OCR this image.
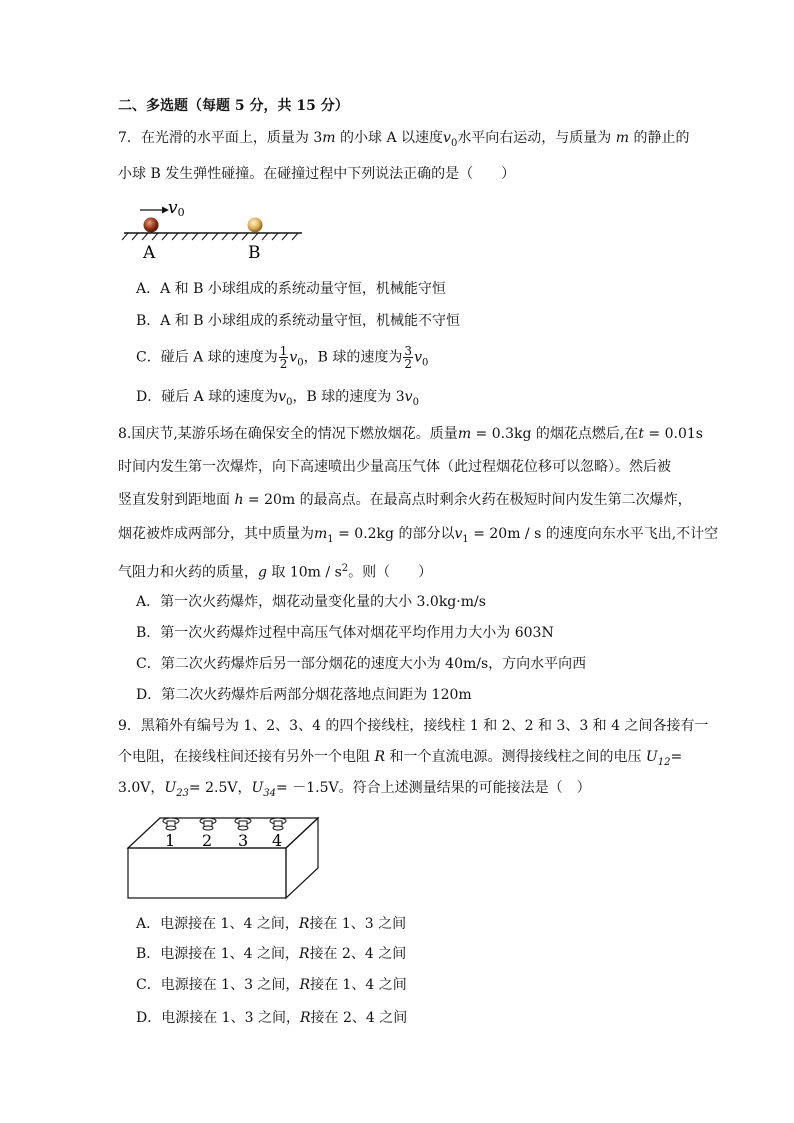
二、多选题（每题 5 分，共 15 分）
7．在光滑的水平面上，质量为 3m 的小球 A 以速度$v_0$水平向右运动，与质量为 m 的静止的
小球 B 发生弹性碰撞。在碰撞过程中下列说法正确的是（　　）
v0
A	B
A．A 和 B 小球组成的系统动量守恒，机械能守恒
B．A 和 B 小球组成的系统动量守恒，机械能不守恒
C．碰后 A 球的速度为 $\frac{1}{2} v_0$，B 球的速度为 $\frac{3}{2} v_0$
D．碰后 A 球的速度为$v_0$，B 球的速度为 $3v_0$
8.国庆节,某游乐场在确保安全的情况下燃放烟花。质量m = 0.3kg 的烟花点燃后,在t = 0.01s
时间内发生第一次爆炸，向下高速喷出少量高压气体（此过程烟花位移可以忽略）。然后被
竖直发射到距地面 h = 20m 的最高点。在最高点时剩余火药在极短时间内发生第二次爆炸，
烟花被炸成两部分，其中质量为$m_1 = 0.2kg$ 的部分以$v_1 = 20m / s$ 的速度向东水平飞出,不计空
气阻力和火药的质量，g 取 $10m / s^2$。则（　　）
A．第一次火药爆炸，烟花动量变化量的大小 3.0kg·m/s
B．第一次火药爆炸过程中高压气体对烟花平均作用力大小为 603N
C．第二次火药爆炸后另一部分烟花的速度大小为 40m/s，方向水平向西
D．第二次火药爆炸后两部分烟花落地点间距为 120m
9．黑箱外有编号为 1、2、3、4 的四个接线柱，接线柱 1 和 2、2 和 3、3 和 4 之间各接有一
个电阻，在接线柱间还接有另外一个电阻 R 和一个直流电源。测得接线柱之间的电压 $U_{12}=$
3.0V，$U_{23}= 2.5V$，$U_{34}= -1.5V$。符合上述测量结果的可能接法是（　）
1 2 3 4
A．电源接在 1、4 之间，R接在 1、3 之间
B．电源接在 1、4 之间，R接在 2、4 之间
C．电源接在 1、3 之间，R接在 1、4 之间
D．电源接在 1、3 之间，R接在 2、4 之间
